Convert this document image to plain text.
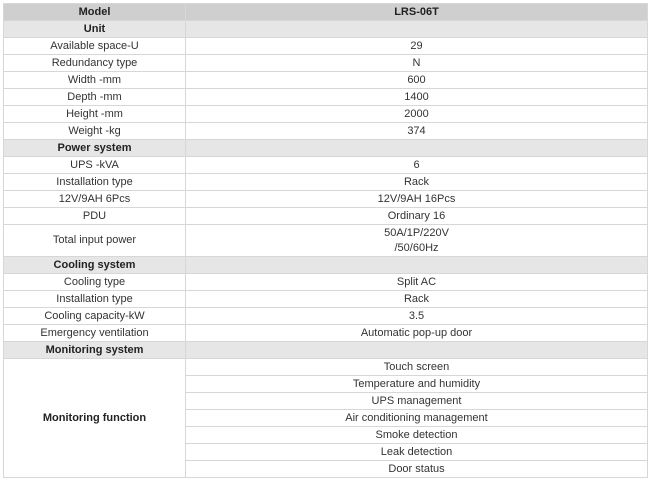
Model	LRS-06T
Unit	
Available space-U	29
Redundancy type	N
Width -mm	600
Depth -mm	1400
Height -mm	2000
Weight -kg	374
Power system	
UPS -kVA	6
Installation type	Rack
12V/9AH 6Pcs	12V/9AH 16Pcs
PDU	Ordinary 16
Total input power	50A/1P/220V
/50/60Hz

Cooling system	
Cooling type	Split AC
Installation type	Rack
Cooling capacity-kW	3.5
Emergency ventilation	Automatic pop-up door
Monitoring system	
Monitoring function	Touch screen
	Temperature and humidity
	UPS management
	Air conditioning management
	Smoke detection
	Leak detection
	Door status
